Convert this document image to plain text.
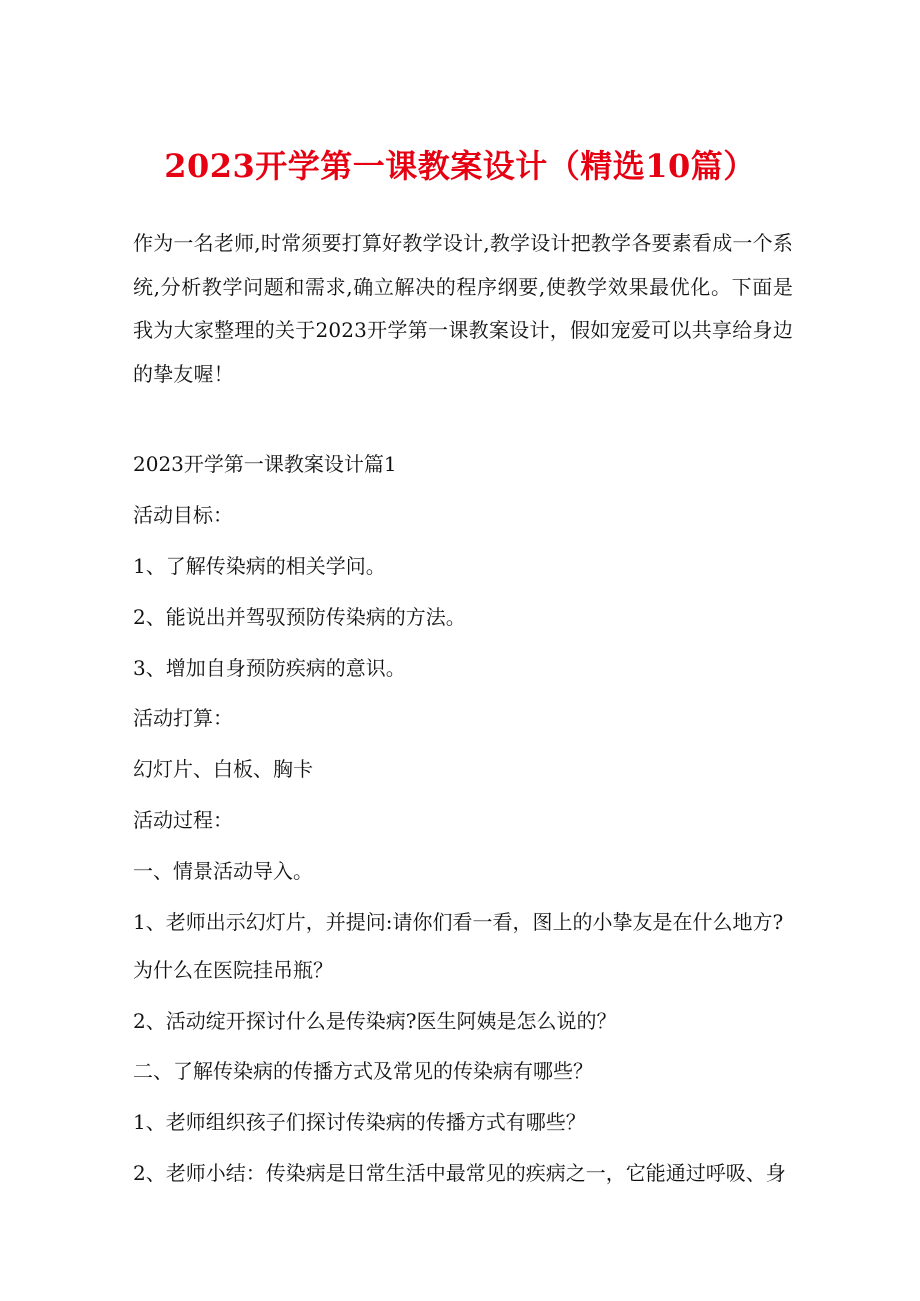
2023开学第一课教案设计（精选10篇）

作为一名老师,时常须要打算好教学设计,教学设计把教学各要素看成一个系统,分析教学问题和需求,确立解决的程序纲要,使教学效果最优化。下面是我为大家整理的关于2023开学第一课教案设计，假如宠爱可以共享给身边的挚友喔！

2023开学第一课教案设计篇1

活动目标：

1、了解传染病的相关学问。

2、能说出并驾驭预防传染病的方法。

3、增加自身预防疾病的意识。

活动打算：

幻灯片、白板、胸卡

活动过程：

一、情景活动导入。

1、老师出示幻灯片，并提问:请你们看一看，图上的小挚友是在什么地方?为什么在医院挂吊瓶？

2、活动绽开探讨什么是传染病?医生阿姨是怎么说的？

二、了解传染病的传播方式及常见的传染病有哪些？

1、老师组织孩子们探讨传染病的传播方式有哪些？

2、老师小结：传染病是日常生活中最常见的疾病之一，它能通过呼吸、身
